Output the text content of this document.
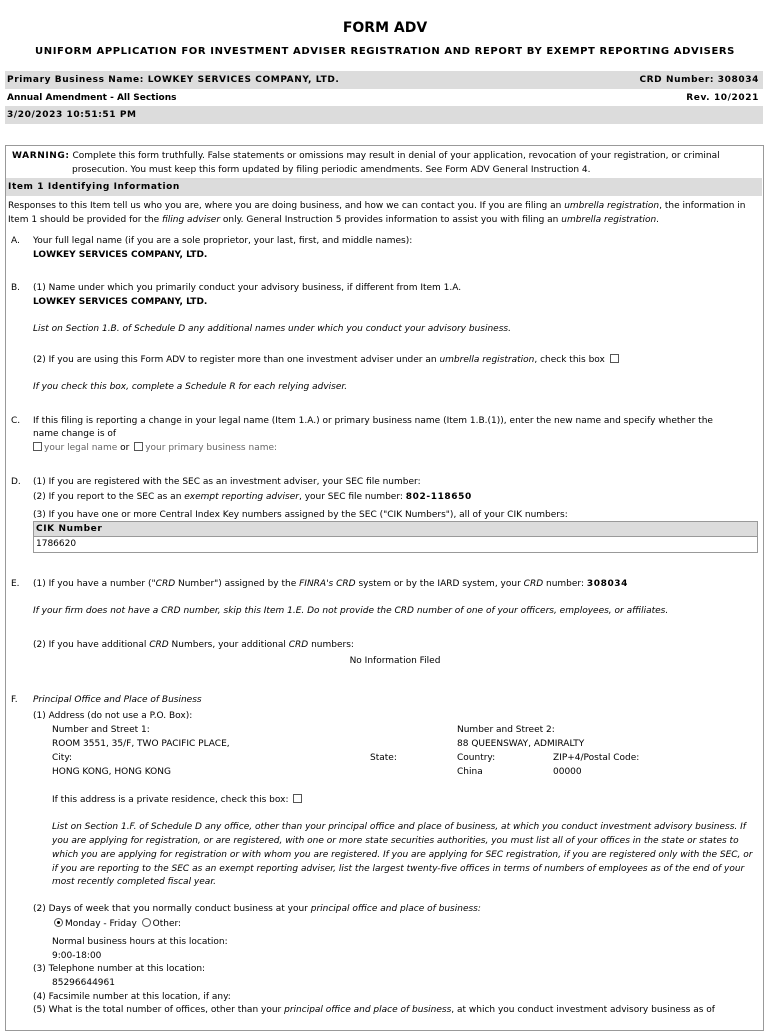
FORM ADV
UNIFORM APPLICATION FOR INVESTMENT ADVISER REGISTRATION AND REPORT BY EXEMPT REPORTING ADVISERS
Primary Business Name: LOWKEY SERVICES COMPANY, LTD.	CRD Number: 308034
Annual Amendment - All Sections	Rev. 10/2021
3/20/2023 10:51:51 PM
WARNING: Complete this form truthfully. False statements or omissions may result in denial of your application, revocation of your registration, or criminal
prosecution. You must keep this form updated by filing periodic amendments. See Form ADV General Instruction 4.
Item 1 Identifying Information
Responses to this Item tell us who you are, where you are doing business, and how we can contact you. If you are filing an umbrella registration, the information in Item 1 should be provided for the filing adviser only. General Instruction 5 provides information to assist you with filing an umbrella registration.
A. Your full legal name (if you are a sole proprietor, your last, first, and middle names):
LOWKEY SERVICES COMPANY, LTD.
B. (1) Name under which you primarily conduct your advisory business, if different from Item 1.A.
LOWKEY SERVICES COMPANY, LTD.
List on Section 1.B. of Schedule D any additional names under which you conduct your advisory business.
(2) If you are using this Form ADV to register more than one investment adviser under an umbrella registration, check this box
If you check this box, complete a Schedule R for each relying adviser.
C. If this filing is reporting a change in your legal name (Item 1.A.) or primary business name (Item 1.B.(1)), enter the new name and specify whether the
name change is of
your legal name or your primary business name:
D. (1) If you are registered with the SEC as an investment adviser, your SEC file number:
(2) If you report to the SEC as an exempt reporting adviser, your SEC file number: 802-118650
(3) If you have one or more Central Index Key numbers assigned by the SEC ("CIK Numbers"), all of your CIK numbers:
CIK Number
1786620
E. (1) If you have a number ("CRD Number") assigned by the FINRA's CRD system or by the IARD system, your CRD number: 308034
If your firm does not have a CRD number, skip this Item 1.E. Do not provide the CRD number of one of your officers, employees, or affiliates.
(2) If you have additional CRD Numbers, your additional CRD numbers:
No Information Filed
F. Principal Office and Place of Business
(1) Address (do not use a P.O. Box):
Number and Street 1:
ROOM 3551, 35/F, TWO PACIFIC PLACE,
Number and Street 2:
88 QUEENSWAY, ADMIRALTY
City:
HONG KONG, HONG KONG
State:	Country:
China
ZIP+4/Postal Code:
00000
If this address is a private residence, check this box:
List on Section 1.F. of Schedule D any office, other than your principal office and place of business, at which you conduct investment advisory business. If
you are applying for registration, or are registered, with one or more state securities authorities, you must list all of your offices in the state or states to
which you are applying for registration or with whom you are registered. If you are applying for SEC registration, if you are registered only with the SEC, or
if you are reporting to the SEC as an exempt reporting adviser, list the largest twenty-five offices in terms of numbers of employees as of the end of your
most recently completed fiscal year.
(2) Days of week that you normally conduct business at your principal office and place of business:
Monday - Friday Other:
Normal business hours at this location:
9:00-18:00
(3) Telephone number at this location:
85296644961
(4) Facsimile number at this location, if any:
(5) What is the total number of offices, other than your principal office and place of business, at which you conduct investment advisory business as of
